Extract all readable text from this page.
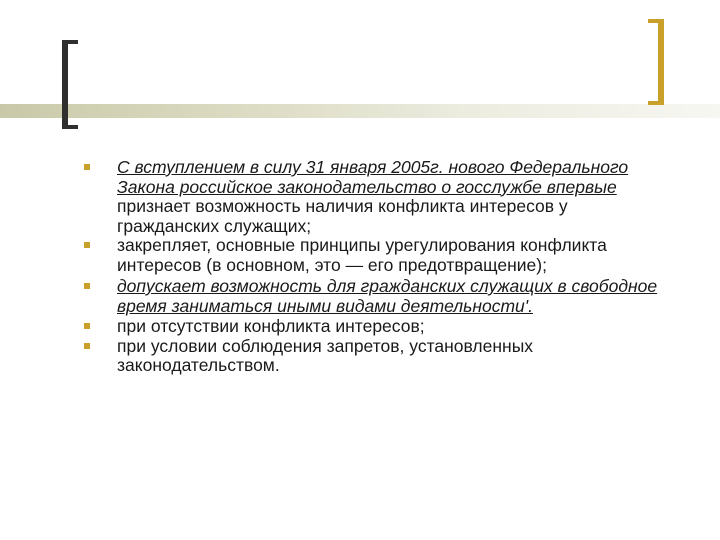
С вступлением в силу 31 января 2005г. нового Федерального Закона российское законодательство о госслужбе впервые признает возможность наличия конфликта интересов у гражданских служащих;
закрепляет, основные принципы урегулирования конфликта интересов (в основном, это — его предотвращение);
допускает возможность для гражданских служащих в свободное время заниматься иными видами деятельности'.
при отсутствии конфликта интересов;
при условии соблюдения запретов, установленных законодательством.
